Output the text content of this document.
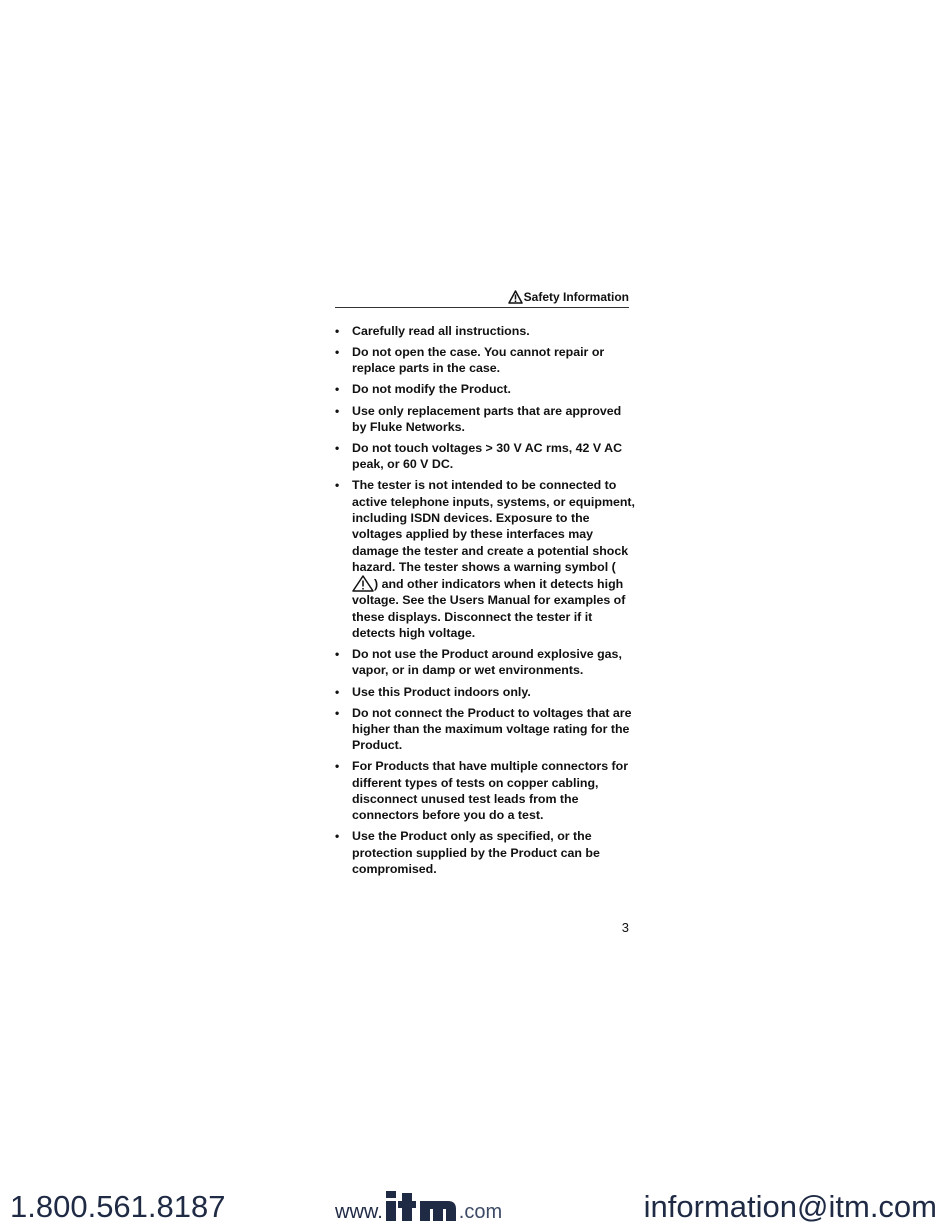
Safety Information
•	Carefully read all instructions.
•	Do not open the case. You cannot repair or replace parts in the case.
•	Do not modify the Product.
•	Use only replacement parts that are approved by Fluke Networks.
•	Do not touch voltages > 30 V AC rms, 42 V AC peak, or 60 V DC.
•	The tester is not intended to be connected to active telephone inputs, systems, or equipment, including ISDN devices. Exposure to the voltages applied by these interfaces may damage the tester and create a potential shock hazard. The tester shows a warning symbol () and other indicators when it detects high voltage. See the Users Manual for examples of these displays. Disconnect the tester if it detects high voltage.
•	Do not use the Product around explosive gas, vapor, or in damp or wet environments.
•	Use this Product indoors only.
•	Do not connect the Product to voltages that are higher than the maximum voltage rating for the Product.
•	For Products that have multiple connectors for different types of tests on copper cabling, disconnect unused test leads from the connectors before you do a test.
•	Use the Product only as specified, or the protection supplied by the Product can be compromised.
3
1.800.561.8187	www.	.com	information@itm.com
